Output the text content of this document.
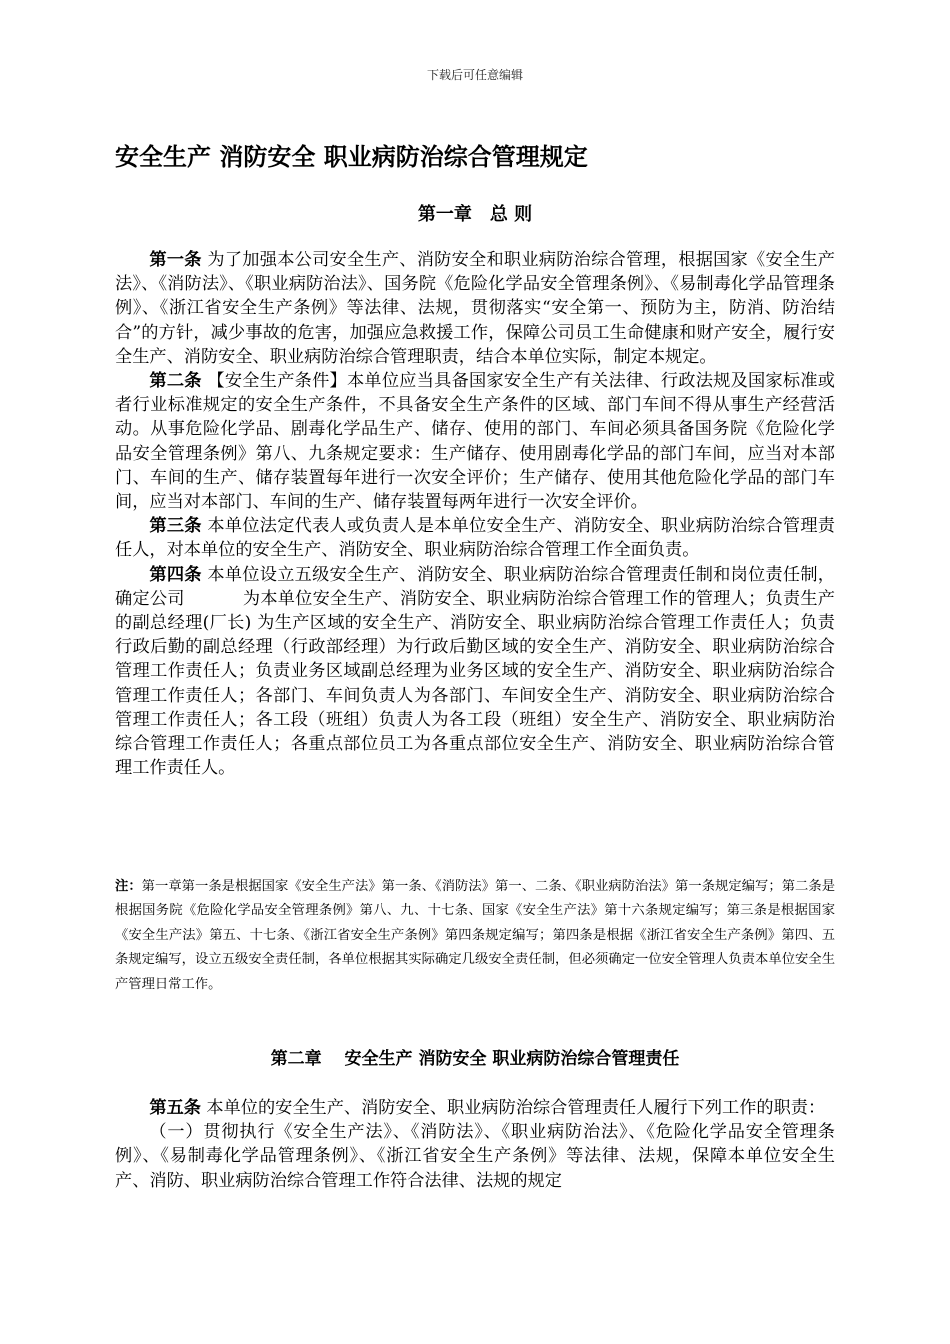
下载后可任意编辑
安全生产 消防安全 职业病防治综合管理规定
第一章　总 则

第一条 为了加强本公司安全生产、消防安全和职业病防治综合管理，根据国家《安全生产法》、《消防法》、《职业病防治法》、国务院《危险化学品安全管理条例》、《易制毒化学品管理条例》、《浙江省安全生产条例》等法律、法规，贯彻落实“安全第一、预防为主，防消、防治结合”的方针，减少事故的危害，加强应急救援工作，保障公司员工生命健康和财产安全，履行安全生产、消防安全、职业病防治综合管理职责，结合本单位实际，制定本规定。

第二条 【安全生产条件】本单位应当具备国家安全生产有关法律、行政法规及国家标准或者行业标准规定的安全生产条件，不具备安全生产条件的区域、部门车间不得从事生产经营活动。从事危险化学品、剧毒化学品生产、储存、使用的部门、车间必须具备国务院《危险化学品安全管理条例》第八、九条规定要求：生产储存、使用剧毒化学品的部门车间，应当对本部门、车间的生产、储存装置每年进行一次安全评价；生产储存、使用其他危险化学品的部门车间，应当对本部门、车间的生产、储存装置每两年进行一次安全评价。

第三条 本单位法定代表人或负责人是本单位安全生产、消防安全、职业病防治综合管理责任人，对本单位的安全生产、消防安全、职业病防治综合管理工作全面负责。

第四条 本单位设立五级安全生产、消防安全、职业病防治综合管理责任制和岗位责任制，确定公司	为本单位安全生产、消防安全、职业病防治综合管理工作的管理人；负责生产的副总经理(厂长) 为生产区域的安全生产、消防安全、职业病防治综合管理工作责任人；负责行政后勤的副总经理（行政部经理）为行政后勤区域的安全生产、消防安全、职业病防治综合管理工作责任人；负责业务区域副总经理为业务区域的安全生产、消防安全、职业病防治综合管理工作责任人；各部门、车间负责人为各部门、车间安全生产、消防安全、职业病防治综合管理工作责任人；各工段（班组）负责人为各工段（班组）安全生产、消防安全、职业病防治综合管理工作责任人；各重点部位员工为各重点部位安全生产、消防安全、职业病防治综合管理工作责任人。

注：第一章第一条是根据国家《安全生产法》第一条、《消防法》第一、二条、《职业病防治法》第一条规定编写；第二条是根据国务院《危险化学品安全管理条例》第八、九、十七条、国家《安全生产法》第十六条规定编写；第三条是根据国家《安全生产法》第五、十七条、《浙江省安全生产条例》第四条规定编写；第四条是根据《浙江省安全生产条例》第四、五条规定编写，设立五级安全责任制，各单位根据其实际确定几级安全责任制，但必须确定一位安全管理人负责本单位安全生产管理日常工作。
第二章　 安全生产 消防安全 职业病防治综合管理责任

第五条 本单位的安全生产、消防安全、职业病防治综合管理责任人履行下列工作的职责：

（一）贯彻执行《安全生产法》、《消防法》、《职业病防治法》、《危险化学品安全管理条例》、《易制毒化学品管理条例》、《浙江省安全生产条例》等法律、法规，保障本单位安全生产、消防、职业病防治综合管理工作符合法律、法规的规定
